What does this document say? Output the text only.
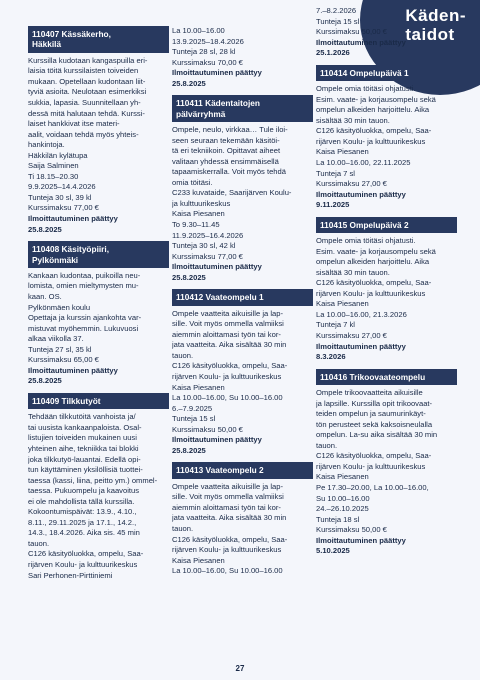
Käden-
taidot
110407 Kässäkerho,
Häkkilä
Kurssilla kudotaan kangaspuilla eri-
laisia töitä kurssilaisten toiveiden
mukaan. Opetellaan kudontaan liit-
tyviä asioita. Neulotaan esimerkiksi
sukkia, lapasia. Suunnitellaan yh-
dessä mitä halutaan tehdä. Kurssi-
laiset hankkivat itse materi-
aalit, voidaan tehdä myös yhteis-
hankintoja.
Häkkilän kylätupa
Saija Salminen
Ti 18.15–20.30
9.9.2025–14.4.2026
Tunteja 30 sl, 39 kl
Kurssimaksu 77,00 €
Ilmoittautuminen päättyy
25.8.2025
110408 Käsityöpiiri,
Pylkönmäki
Kankaan kudontaa, puikoilla neu-
lomista, omien mieltymysten mu-
kaan. OS.
Pylkönmäen koulu
Opettaja ja kurssin ajankohta var-
mistuvat myöhemmin. Lukuvuosi
alkaa viikolla 37.
Tunteja 27 sl, 35 kl
Kurssimaksu 65,00 €
Ilmoittautuminen päättyy
25.8.2025
110409 Tilkkutyöt
Tehdään tilkkutöitä vanhoista ja/
tai uusista kankaanpaloista. Osal-
listujien toiveiden mukainen uusi
yhteinen aihe, tekniikka tai blokki
joka tilkkutyö-lauantai. Edellä opi-
tun käyttäminen yksilöllisiä tuottei-
taessa (kassi, liina, peitto ym.) ommel-
taessa. Pukuompelu ja kaavoitus
ei ole mahdollista tällä kurssilla.
Kokoontumispäivät: 13.9., 4.10.,
8.11., 29.11.2025 ja 17.1., 14.2.,
14.3., 18.4.2026. Aika sis. 45 min
tauon.
C126 käsityöluokka, ompelu, Saa-
rijärven Koulu- ja kulttuurikeskus
Sari Perhonen-Pirttiniemi
La 10.00–16.00
13.9.2025–18.4.2026
Tunteja 28 sl, 28 kl
Kurssimaksu 70,00 €
Ilmoittautuminen päättyy
25.8.2025
110411 Kädentaitojen
pälvärryhmä
Ompele, neulo, virkkaa… Tule iloi-
seen seuraan tekemään käsitöi-
tä eri tekniikoin. Opittavat aiheet
valitaan yhdessä ensimmäisellä
tapaamiskerralla. Voit myös tehdä
omia töitäsi.
C233 kuvataide, Saarijärven Koulu-
ja kulttuurikeskus
Kaisa Piesanen
To 9.30–11.45
11.9.2025–16.4.2026
Tunteja 30 sl, 42 kl
Kurssimaksu 77,00 €
Ilmoittautuminen päättyy
25.8.2025
110412 Vaateompelu 1
Ompele vaatteita aikuisille ja lap-
sille. Voit myös ommella valmiiksi
aiemmin aloittamasi työn tai kor-
jata vaatteita. Aika sisältää 30 min
tauon.
C126 käsityöluokka, ompelu, Saa-
rijärven Koulu- ja kulttuurikeskus
Kaisa Piesanen
La 10.00–16.00, Su 10.00–16.00
6.–7.9.2025
Tunteja 15 sl
Kurssimaksu 50,00 €
Ilmoittautuminen päättyy
25.8.2025
110413 Vaateompelu 2
Ompele vaatteita aikuisille ja lap-
sille. Voit myös ommella valmiiksi
aiemmin aloittamasi työn tai kor-
jata vaatteita. Aika sisältää 30 min
tauon.
C126 käsityöluokka, ompelu, Saa-
rijärven Koulu- ja kulttuurikeskus
Kaisa Piesanen
La 10.00–16.00, Su 10.00–16.00
7.–8.2.2026
Tunteja 15 sl
Kurssimaksu 50,00 €
Ilmoittautuminen päättyy
25.1.2026
110414 Ompelupäivä 1
Ompele omia töitäsi ohjatusti.
Esim. vaate- ja korjausompelu sekä
ompelun alkeiden harjoittelu. Aika
sisältää 30 min tauon.
C126 käsityöluokka, ompelu, Saa-
rijärven Koulu- ja kulttuurikeskus
Kaisa Piesanen
La 10.00–16.00, 22.11.2025
Tunteja 7 sl
Kurssimaksu 27,00 €
Ilmoittautuminen päättyy
9.11.2025
110415 Ompelupäivä 2
Ompele omia töitäsi ohjatusti.
Esim. vaate- ja korjausompelu sekä
ompelun alkeiden harjoittelu. Aika
sisältää 30 min tauon.
C126 käsityöluokka, ompelu, Saa-
rijärven Koulu- ja kulttuurikeskus
Kaisa Piesanen
La 10.00–16.00, 21.3.2026
Tunteja 7 kl
Kurssimaksu 27,00 €
Ilmoittautuminen päättyy
8.3.2026
110416 Trikoovaateompelu
Ompele trikoovaatteita aikuisille
ja lapsille. Kurssilla opit trikoovaat-
teiden ompelun ja saumurinkäyt-
tön perusteet sekä kaksoisneulalla
ompelun. La-su aika sisältää 30 min
tauon.
C126 käsityöluokka, ompelu, Saa-
rijärven Koulu- ja kulttuurikeskus
Kaisa Piesanen
Pe 17.30–20.00, La 10.00–16.00,
Su 10.00–16.00
24.–26.10.2025
Tunteja 18 sl
Kurssimaksu 50,00 €
Ilmoittautuminen päättyy
5.10.2025
27
